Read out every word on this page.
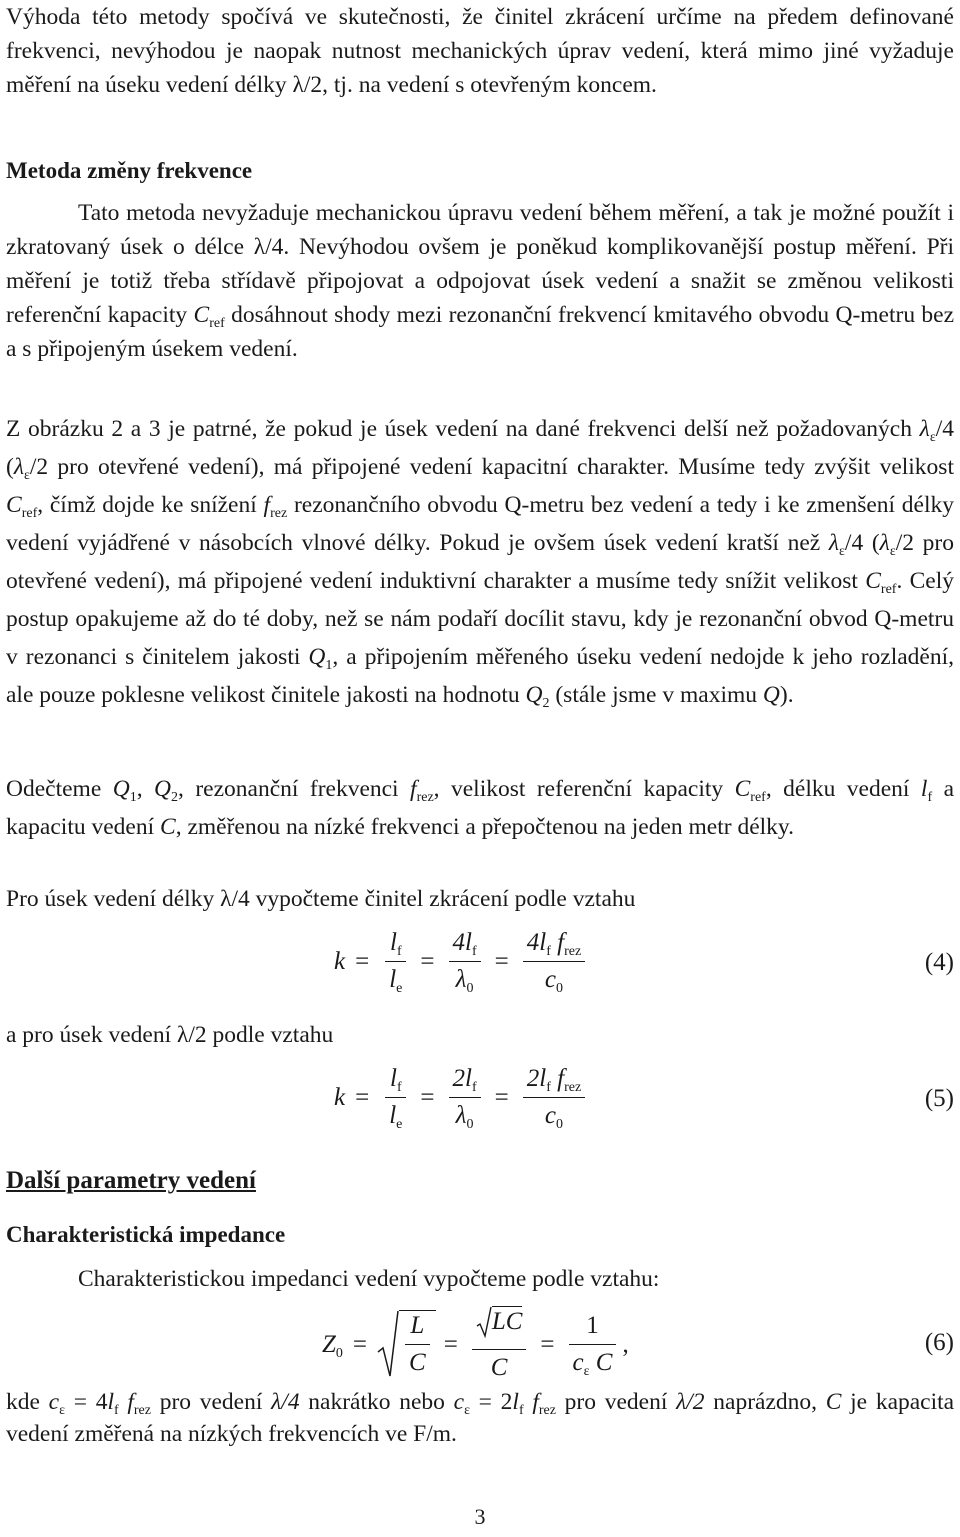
Výhoda této metody spočívá ve skutečnosti, že činitel zkrácení určíme na předem definované frekvenci, nevýhodou je naopak nutnost mechanických úprav vedení, která mimo jiné vyžaduje měření na úseku vedení délky λ/2, tj. na vedení s otevřeným koncem.

Metoda změny frekvence

Tato metoda nevyžaduje mechanickou úpravu vedení během měření, a tak je možné použít i zkratovaný úsek o délce λ/4. Nevýhodou ovšem je poněkud komplikovanější postup měření. Při měření je totiž třeba střídavě připojovat a odpojovat úsek vedení a snažit se změnou velikosti referenční kapacity $C_{ref}$ dosáhnout shody mezi rezonanční frekvencí kmitavého obvodu Q-metru bez a s připojeným úsekem vedení.

Z obrázku 2 a 3 je patrné, že pokud je úsek vedení na dané frekvenci delší než požadovaných $\lambda_\varepsilon/4$ ($\lambda_\varepsilon/2$ pro otevřené vedení), má připojené vedení kapacitní charakter. Musíme tedy zvýšit velikost $C_{ref}$, čímž dojde ke snížení $f_{rez}$ rezonančního obvodu Q-metru bez vedení a tedy i ke zmenšení délky vedení vyjádřené v násobcích vlnové délky. Pokud je ovšem úsek vedení kratší než $\lambda_\varepsilon/4$ ($\lambda_\varepsilon/2$ pro otevřené vedení), má připojené vedení induktivní charakter a musíme tedy snížit velikost $C_{ref}$. Celý postup opakujeme až do té doby, než se nám podaří docílit stavu, kdy je rezonanční obvod Q-metru v rezonanci s činitelem jakosti $Q_1$, a připojením měřeného úseku vedení nedojde k jeho rozladění, ale pouze poklesne velikost činitele jakosti na hodnotu $Q_2$ (stále jsme v maximu Q).

Odečteme $Q_1$, $Q_2$, rezonanční frekvenci $f_{rez}$, velikost referenční kapacity $C_{ref}$, délku vedení $l_f$ a kapacitu vedení C, změřenou na nízké frekvenci a přepočtenou na jeden metr délky.

Pro úsek vedení délky λ/4 vypočteme činitel zkrácení podle vztahu

$k = \frac{l_f}{l_e} = \frac{4l_f}{\lambda_0} = \frac{4l_f f_{rez}}{c_0}$	(4)

a pro úsek vedení λ/2 podle vztahu

$k = \frac{l_f}{l_e} = \frac{2l_f}{\lambda_0} = \frac{2l_f f_{rez}}{c_0}$	(5)
Další parametry vedení

Charakteristická impedance

Charakteristickou impedanci vedení vypočteme podle vztahu:

$Z_0 = \frac{L}{C} = \frac{LC}{C} = \frac{1}{c_\varepsilon C}$ ,	(6)

kde $c_\varepsilon = 4l_f$ $f_{rez}$ pro vedení λ/4 nakrátko nebo $c_\varepsilon = 2l_f$ $f_{rez}$ pro vedení λ/2 naprázdno, C je kapacita vedení změřená na nízkých frekvencích ve F/m.

3
